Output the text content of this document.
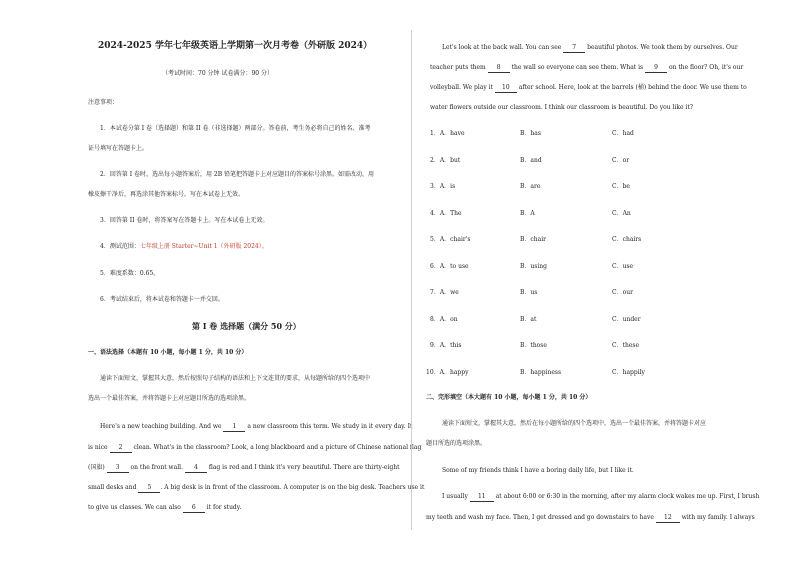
2024-2025 学年七年级英语上学期第一次月考卷（外研版 2024）
（考试时间：70 分钟 试卷满分：90 分）
注意事项：
1．本试卷分第 I 卷（选择题）和第 II 卷（非选择题）两部分。答卷前，考生务必将自己的姓名、准考
证号填写在答题卡上。
2．回答第 I 卷时，选出每小题答案后，用 2B 铅笔把答题卡上对应题目的答案标号涂黑。如需改动，用
橡皮擦干净后，再选涂其他答案标号。写在本试卷上无效。
3．回答第 II 卷时，将答案写在答题卡上。写在本试卷上无效。
4．测试范围：七年级上册 Starter~Unit 1（外研版 2024）。
5．难度系数：0.65。
6．考试结束后，将本试卷和答题卡一并交回。
第 I 卷 选择题（满分 50 分）
一、语法选择（本题有 10 小题，每小题 1 分，共 10 分）
通读下面短文，掌握其大意，然后按照句子结构的语法和上下文连贯的要求，从每题所给的四个选项中
选出一个最佳答案，并将答题卡上对应题目所选的选项涂黑。
Here's a new teaching building. And we 1 a new classroom this term. We study in it every day. It
is nice 2 clean. What's in the classroom? Look, a long blackboard and a picture of Chinese national flag
(国旗) 3 on the front wall. 4 flag is red and I think it's very beautiful. There are thirty-eight
small desks and 5 . A big desk is in front of the classroom. A computer is on the big desk. Teachers use it
to give us classes. We can also 6 it for study.
Let's look at the back wall. You can see 7 beautiful photos. We took them by ourselves. Our
teacher puts them 8 the wall so everyone can see them. What is 9 on the floor? Oh, it's our
volleyball. We play it 10 after school. Here, look at the barrels (桶) behind the door. We use them to
water flowers outside our classroom. I think our classroom is beautiful. Do you like it?
1．A．have	B．has	C．had
2．A．but	B．and	C．or
3．A．is	B．are	C．be
4．A．The	B．A	C．An
5．A．chair's	B．chair	C．chairs
6．A．to use	B．using	C．use
7．A．we	B．us	C．our
8．A．on	B．at	C．under
9．A．this	B．those	C．these
10．A．happy	B．happiness	C．happily
二、完形填空（本大题有 10 小题，每小题 1 分，共 10 分）
通读下面短文，掌握其大意，然后在每小题所给的四个选项中，选出一个最佳答案，并将答题卡对应
题目所选的选项涂黑。
Some of my friends think I have a boring daily life, but I like it.
I usually 11 at about 6:00 or 6:30 in the morning, after my alarm clock wakes me up. First, I brush
my teeth and wash my face. Then, I get dressed and go downstairs to have 12 with my family. I always
